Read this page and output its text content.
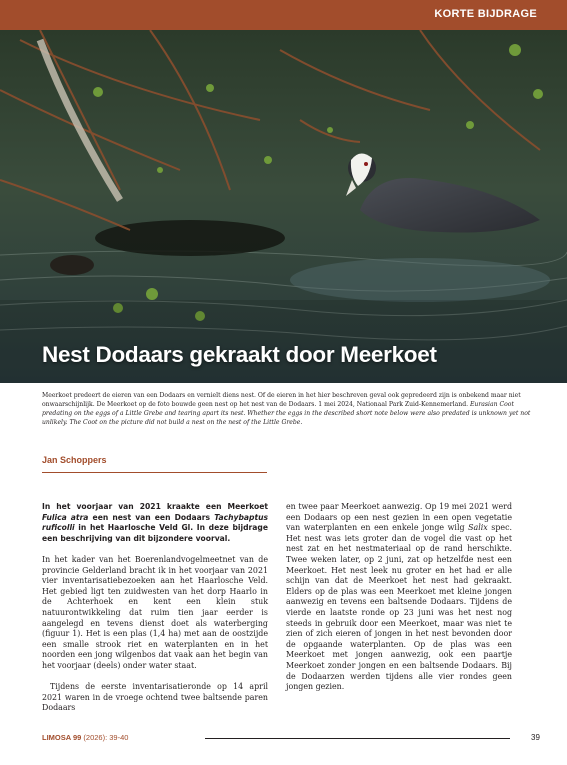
KORTE BIJDRAGE
Nest Dodaars gekraakt door Meerkoet
Meerkoet predeert de eieren van een Dodaars en vernielt diens nest. Of de eieren in het hier beschreven geval ook gepredeerd zijn is onbekend maar niet onwaarschijnlijk. De Meerkoet op de foto bouwde geen nest op het nest van de Dodaars. 1 mei 2024, Nationaal Park Zuid-Kennemerland. Eurasian Coot predating on the eggs of a Little Grebe and tearing apart its nest. Whether the eggs in the described short note below were also predated is unknown yet not unlikely. The Coot on the picture did not build a nest on the nest of the Little Grebe.
Jan Schoppers

In het voorjaar van 2021 kraakte een Meerkoet Fulica atra een nest van een Dodaars Tachybaptus ruficolli in het Haarlosche Veld Gl. In deze bijdrage een beschrijving van dit bijzondere voorval.

In het kader van het Boerenlandvogelmeetnet van de provincie Gelderland bracht ik in het voorjaar van 2021 vier inventarisatiebezoeken aan het Haarlosche Veld. Het gebied ligt ten zuidwesten van het dorp Haarlo in de Achterhoek en kent een klein stuk natuurontwikkeling dat ruim tien jaar eerder is aangelegd en tevens dienst doet als waterberging (figuur 1). Het is een plas (1,4 ha) met aan de oostzijde een smalle strook riet en waterplanten en in het noorden een jong wilgenbos dat vaak aan het begin van het voorjaar (deels) onder water staat.

Tijdens de eerste inventarisatieronde op 14 april 2021 waren in de vroege ochtend twee baltsende paren Dodaars

en twee paar Meerkoet aanwezig. Op 19 mei 2021 werd een Dodaars op een nest gezien in een open vegetatie van waterplanten en een enkele jonge wilg Salix spec. Het nest was iets groter dan de vogel die vast op het nest zat en het nestmateriaal op de rand herschikte. Twee weken later, op 2 juni, zat op hetzelfde nest een Meerkoet. Het nest leek nu groter en het had er alle schijn van dat de Meerkoet het nest had gekraakt. Elders op de plas was een Meerkoet met kleine jongen aanwezig en tevens een baltsende Dodaars. Tijdens de vierde en laatste ronde op 23 juni was het nest nog steeds in gebruik door een Meerkoet, maar was niet te zien of zich eieren of jongen in het nest bevonden door de opgaande waterplanten. Op de plas was een Meerkoet met jongen aanwezig, ook een paartje Meerkoet zonder jongen en een baltsende Dodaars. Bij de Dodaarzen werden tijdens alle vier rondes geen jongen gezien.

LIMOSA 99 (2026): 39-40	39
